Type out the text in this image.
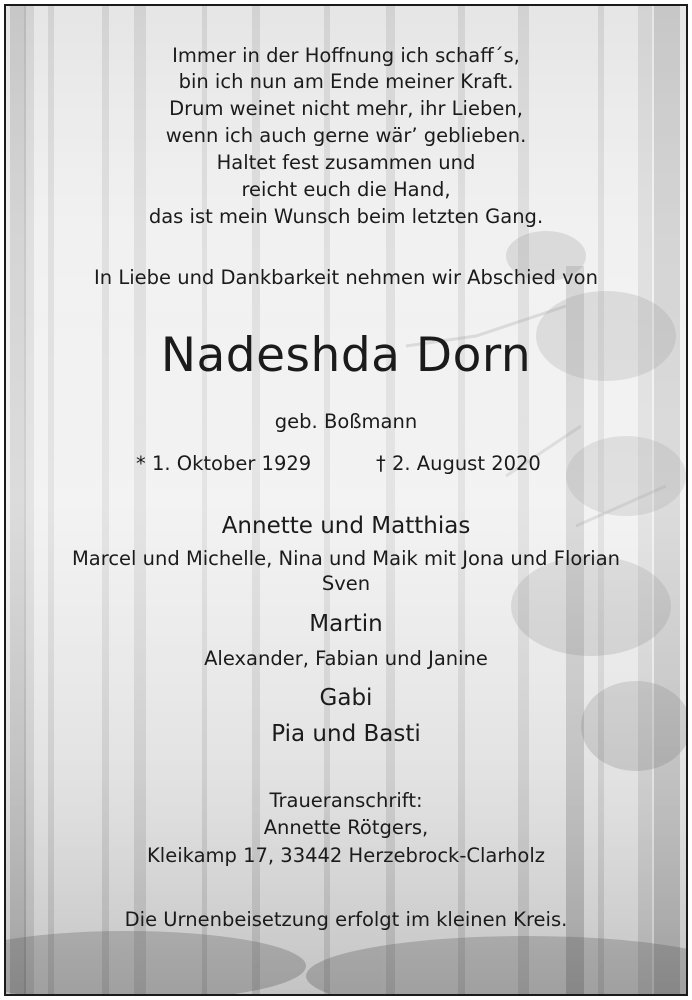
Immer in der Hoffnung ich schaff´s,
bin ich nun am Ende meiner Kraft.
Drum weinet nicht mehr, ihr Lieben,
wenn ich auch gerne wär’ geblieben.
Haltet fest zusammen und
reicht euch die Hand,
das ist mein Wunsch beim letzten Gang.
In Liebe und Dankbarkeit nehmen wir Abschied von
Nadeshda Dorn
geb. Boßmann
* 1. Oktober 1929	† 2. August 2020
Annette und Matthias
Marcel und Michelle, Nina und Maik mit Jona und Florian
Sven
Martin
Alexander, Fabian und Janine
Gabi
Pia und Basti
Traueranschrift:
Annette Rötgers,
Kleikamp 17, 33442 Herzebrock-Clarholz
Die Urnenbeisetzung erfolgt im kleinen Kreis.
